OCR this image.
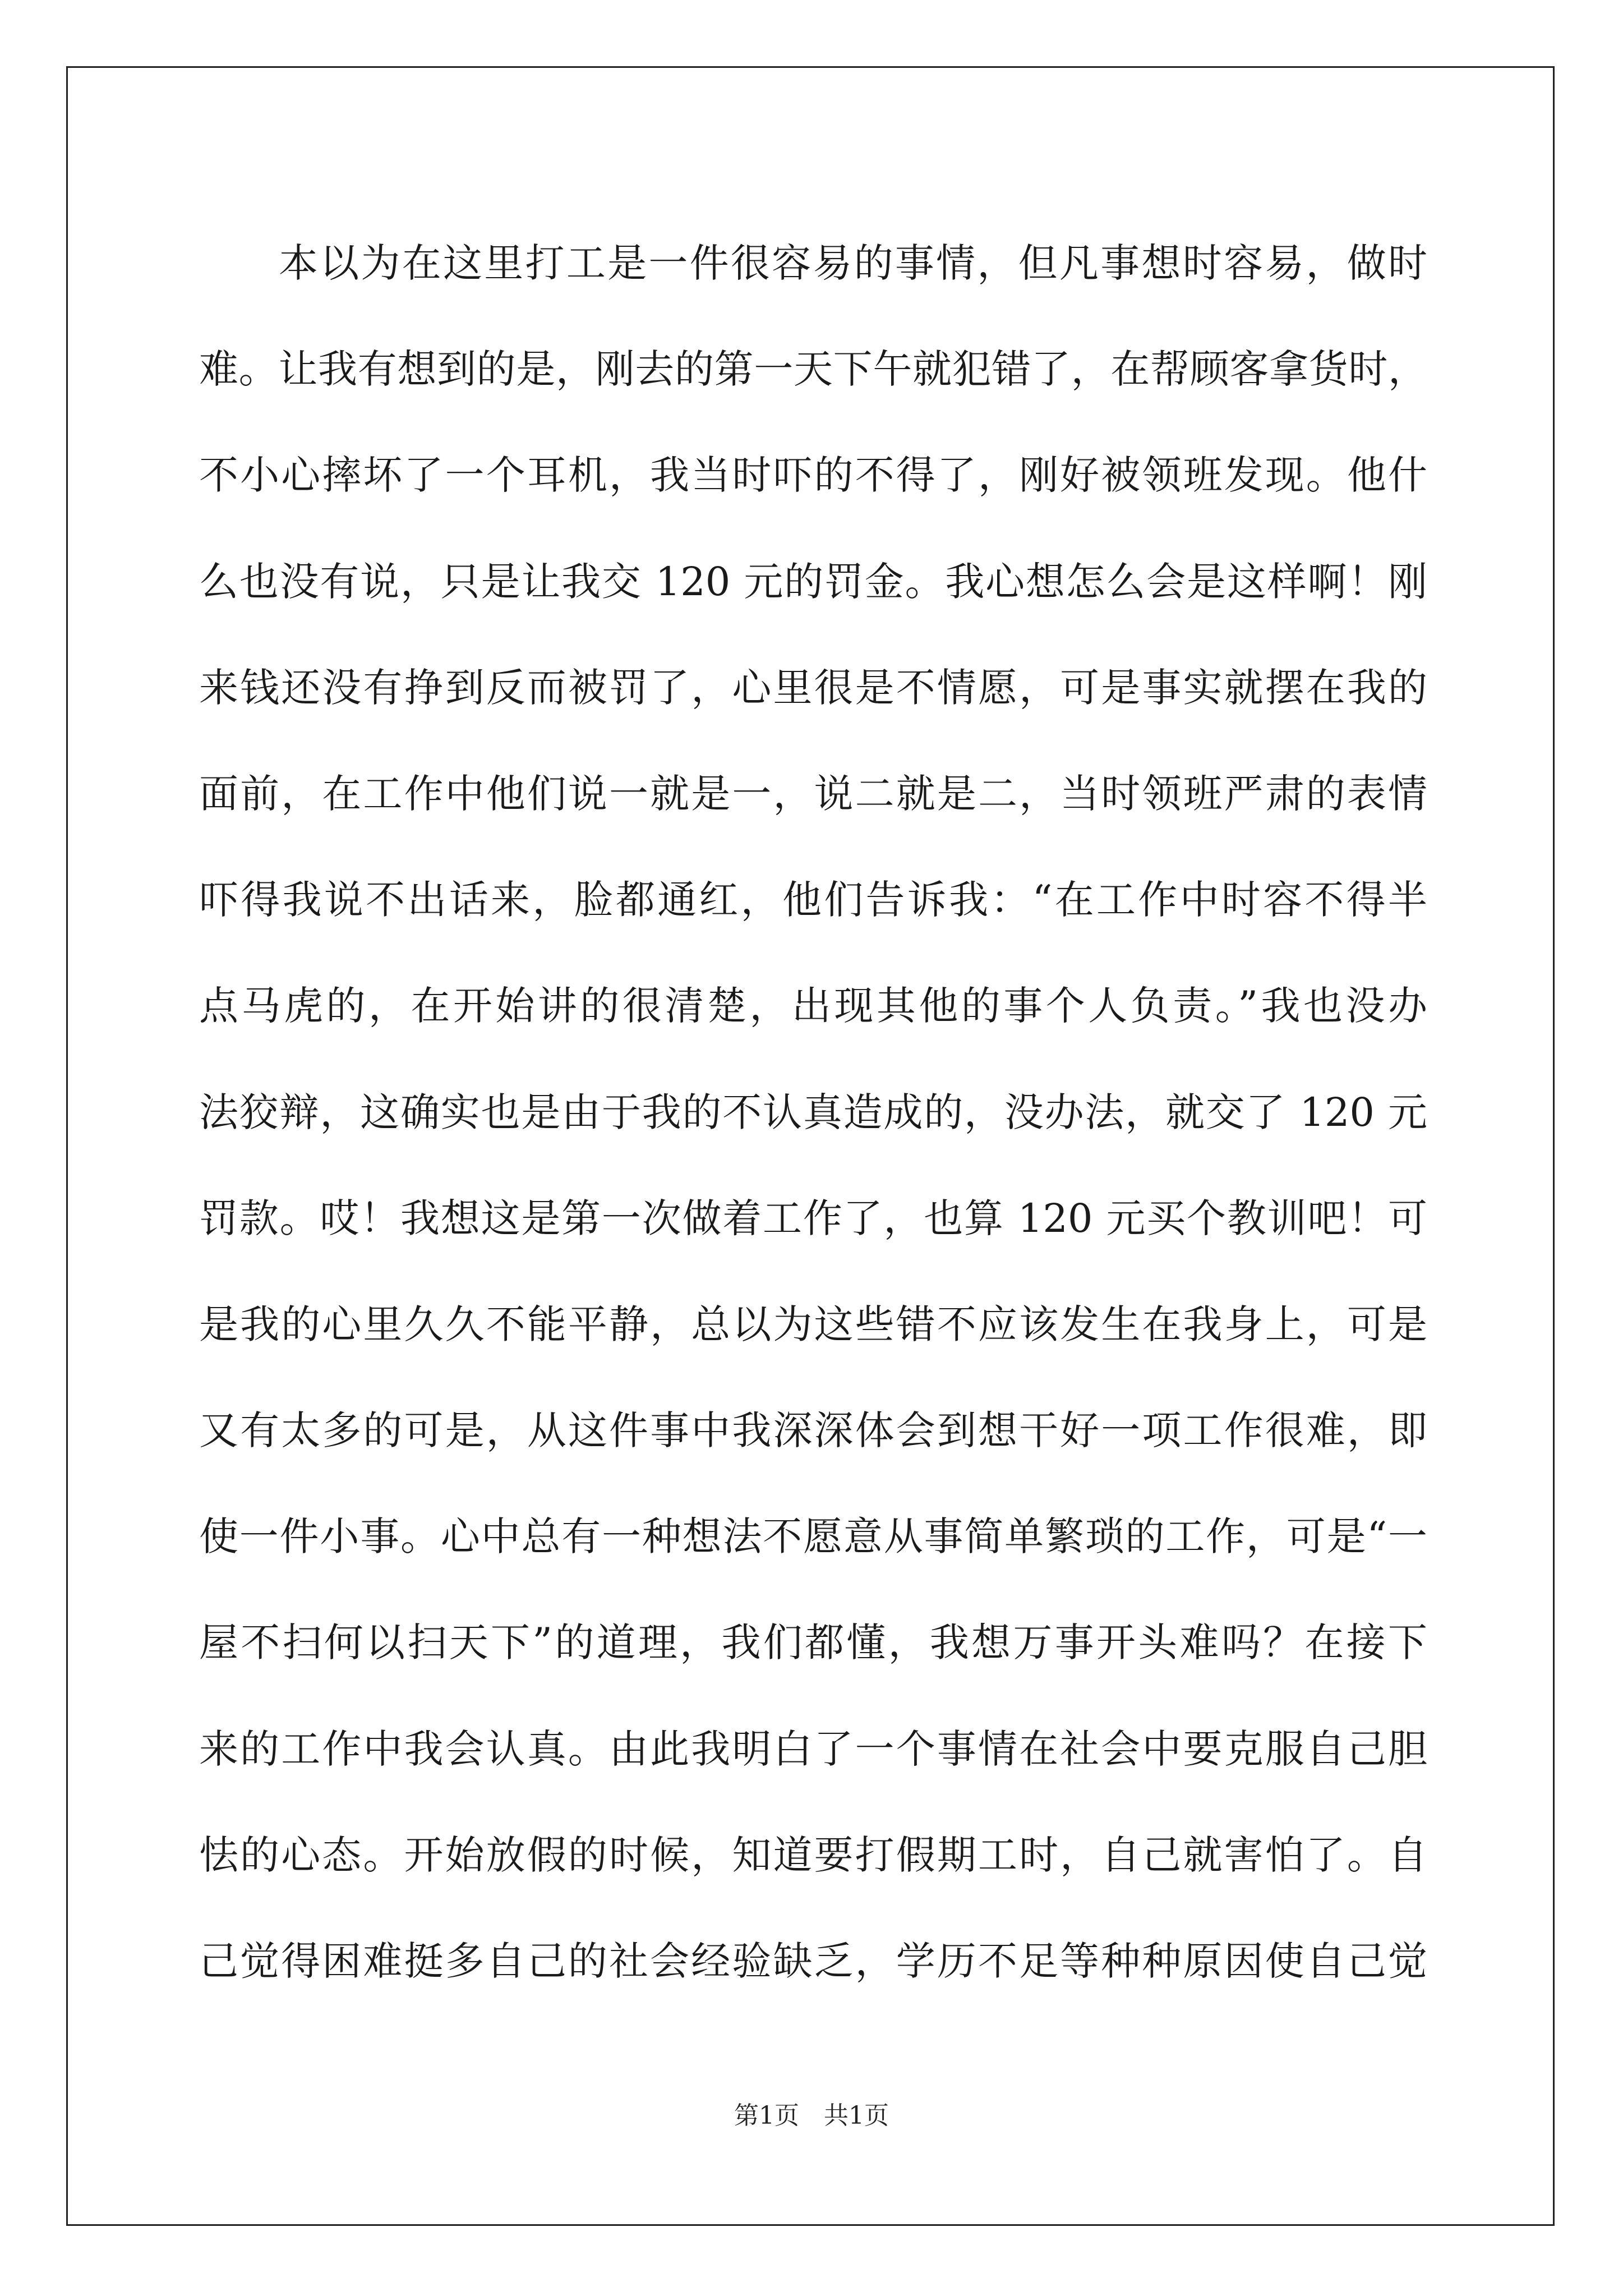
本以为在这里打工是一件很容易的事情，但凡事想时容易，做时
难。让我有想到的是，刚去的第一天下午就犯错了，在帮顾客拿货时，
不小心摔坏了一个耳机，我当时吓的不得了，刚好被领班发现。他什
么也没有说，只是让我交 120 元的罚金。我心想怎么会是这样啊！刚
来钱还没有挣到反而被罚了，心里很是不情愿，可是事实就摆在我的
面前，在工作中他们说一就是一，说二就是二，当时领班严肃的表情
吓得我说不出话来，脸都通红，他们告诉我：“在工作中时容不得半
点马虎的，在开始讲的很清楚，出现其他的事个人负责。”我也没办
法狡辩，这确实也是由于我的不认真造成的，没办法，就交了 120 元
罚款。哎！我想这是第一次做着工作了，也算 120 元买个教训吧！可
是我的心里久久不能平静，总以为这些错不应该发生在我身上，可是
又有太多的可是，从这件事中我深深体会到想干好一项工作很难，即
使一件小事。心中总有一种想法不愿意从事简单繁琐的工作，可是“一
屋不扫何以扫天下”的道理，我们都懂，我想万事开头难吗？在接下
来的工作中我会认真。由此我明白了一个事情在社会中要克服自己胆
怯的心态。开始放假的时候，知道要打假期工时，自己就害怕了。自
己觉得困难挺多自己的社会经验缺乏，学历不足等种种原因使自己觉
第1页 共1页
